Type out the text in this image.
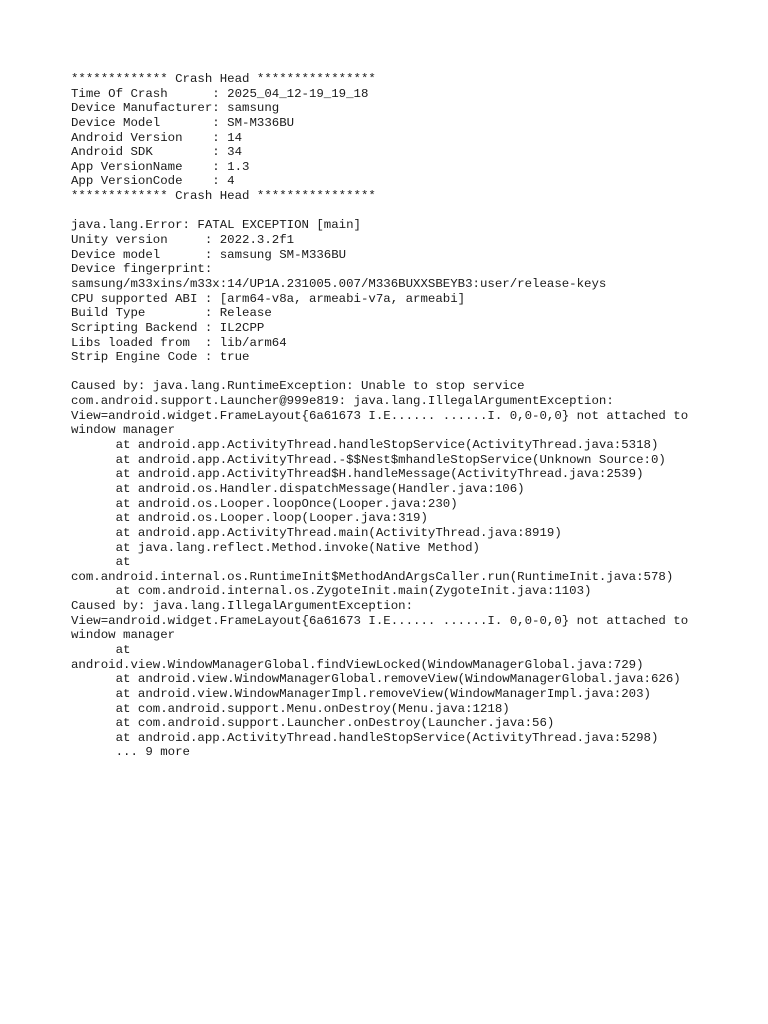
************* Crash Head ****************
Time Of Crash      : 2025_04_12-19_19_18
Device Manufacturer: samsung
Device Model       : SM-M336BU
Android Version    : 14
Android SDK        : 34
App VersionName    : 1.3
App VersionCode    : 4
************* Crash Head ****************
java.lang.Error: FATAL EXCEPTION [main]
Unity version     : 2022.3.2f1
Device model      : samsung SM-M336BU
Device fingerprint:
samsung/m33xins/m33x:14/UP1A.231005.007/M336BUXXSBEYB3:user/release-keys
CPU supported ABI : [arm64-v8a, armeabi-v7a, armeabi]
Build Type        : Release
Scripting Backend : IL2CPP
Libs loaded from  : lib/arm64
Strip Engine Code : true
Caused by: java.lang.RuntimeException: Unable to stop service
com.android.support.Launcher@999e819: java.lang.IllegalArgumentException:
View=android.widget.FrameLayout{6a61673 I.E...... ......I. 0,0-0,0} not attached to
window manager
at android.app.ActivityThread.handleStopService(ActivityThread.java:5318)
at android.app.ActivityThread.-$$Nest$mhandleStopService(Unknown Source:0)
at android.app.ActivityThread$H.handleMessage(ActivityThread.java:2539)
at android.os.Handler.dispatchMessage(Handler.java:106)
at android.os.Looper.loopOnce(Looper.java:230)
at android.os.Looper.loop(Looper.java:319)
at android.app.ActivityThread.main(ActivityThread.java:8919)
at java.lang.reflect.Method.invoke(Native Method)
at
com.android.internal.os.RuntimeInit$MethodAndArgsCaller.run(RuntimeInit.java:578)
at com.android.internal.os.ZygoteInit.main(ZygoteInit.java:1103)
Caused by: java.lang.IllegalArgumentException:
View=android.widget.FrameLayout{6a61673 I.E...... ......I. 0,0-0,0} not attached to
window manager
at
android.view.WindowManagerGlobal.findViewLocked(WindowManagerGlobal.java:729)
at android.view.WindowManagerGlobal.removeView(WindowManagerGlobal.java:626)
at android.view.WindowManagerImpl.removeView(WindowManagerImpl.java:203)
at com.android.support.Menu.onDestroy(Menu.java:1218)
at com.android.support.Launcher.onDestroy(Launcher.java:56)
at android.app.ActivityThread.handleStopService(ActivityThread.java:5298)
... 9 more
